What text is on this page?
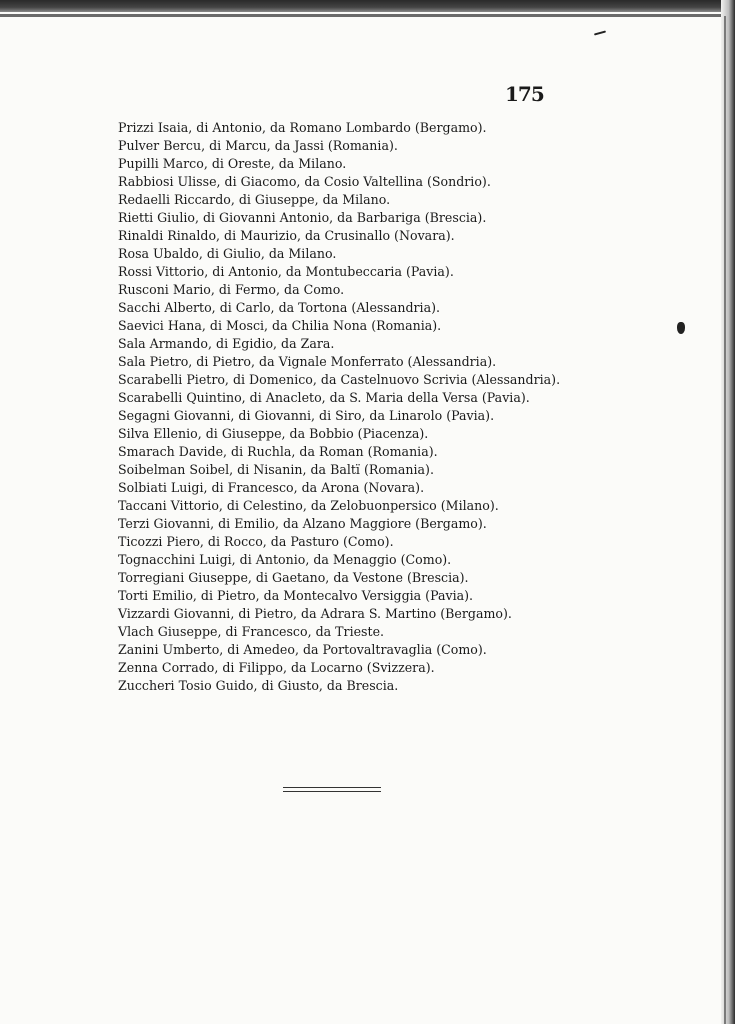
175
Prizzi Isaia, di Antonio, da Romano Lombardo (Bergamo).
Pulver Bercu, di Marcu, da Jassi (Romania).
Pupilli Marco, di Oreste, da Milano.
Rabbiosi Ulisse, di Giacomo, da Cosio Valtellina (Sondrio).
Redaelli Riccardo, di Giuseppe, da Milano.
Rietti Giulio, di Giovanni Antonio, da Barbariga (Brescia).
Rinaldi Rinaldo, di Maurizio, da Crusinallo (Novara).
Rosa Ubaldo, di Giulio, da Milano.
Rossi Vittorio, di Antonio, da Montubeccaria (Pavia).
Rusconi Mario, di Fermo, da Como.
Sacchi Alberto, di Carlo, da Tortona (Alessandria).
Saevici Hana, di Mosci, da Chilia Nona (Romania).
Sala Armando, di Egidio, da Zara.
Sala Pietro, di Pietro, da Vignale Monferrato (Alessandria).
Scarabelli Pietro, di Domenico, da Castelnuovo Scrivia (Alessandria).
Scarabelli Quintino, di Anacleto, da S. Maria della Versa (Pavia).
Segagni Giovanni, di Giovanni, di Siro, da Linarolo (Pavia).
Silva Ellenio, di Giuseppe, da Bobbio (Piacenza).
Smarach Davide, di Ruchla, da Roman (Romania).
Soibelman Soibel, di Nisanin, da Baltï (Romania).
Solbiati Luigi, di Francesco, da Arona (Novara).
Taccani Vittorio, di Celestino, da Zelobuonpersico (Milano).
Terzi Giovanni, di Emilio, da Alzano Maggiore (Bergamo).
Ticozzi Piero, di Rocco, da Pasturo (Como).
Tognacchini Luigi, di Antonio, da Menaggio (Como).
Torregiani Giuseppe, di Gaetano, da Vestone (Brescia).
Torti Emilio, di Pietro, da Montecalvo Versiggia (Pavia).
Vizzardi Giovanni, di Pietro, da Adrara S. Martino (Bergamo).
Vlach Giuseppe, di Francesco, da Trieste.
Zanini Umberto, di Amedeo, da Portovaltravaglia (Como).
Zenna Corrado, di Filippo, da Locarno (Svizzera).
Zuccheri Tosio Guido, di Giusto, da Brescia.
